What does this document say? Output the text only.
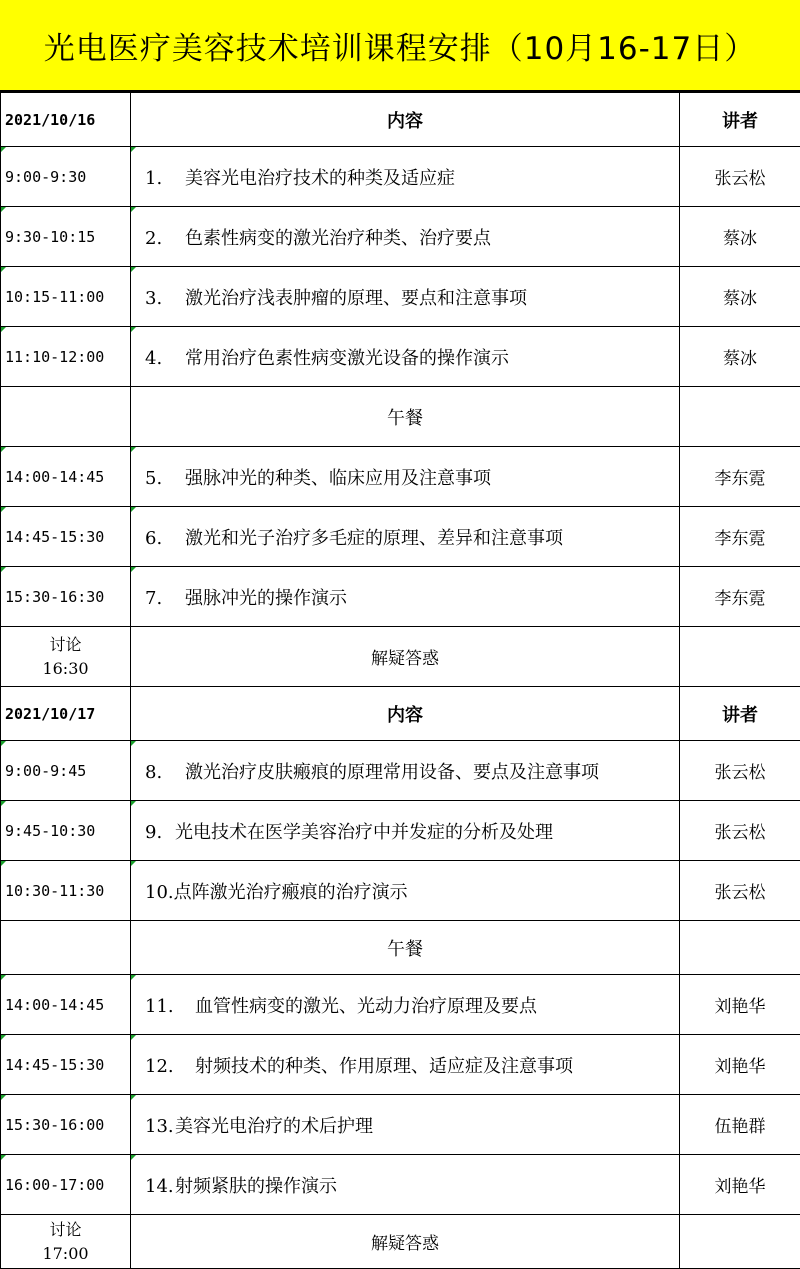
光电医疗美容技术培训课程安排（10月16-17日）
2021/10/16	内容	讲者
9:00-9:30	1. 美容光电治疗技术的种类及适应症	张云松
9:30-10:15	2. 色素性病变的激光治疗种类、治疗要点	蔡冰
10:15-11:00	3. 激光治疗浅表肿瘤的原理、要点和注意事项	蔡冰
11:10-12:00	4. 常用治疗色素性病变激光设备的操作演示	蔡冰
	午餐	
14:00-14:45	5. 强脉冲光的种类、临床应用及注意事项	李东霓
14:45-15:30	6. 激光和光子治疗多毛症的原理、差异和注意事项	李东霓
15:30-16:30	7. 强脉冲光的操作演示	李东霓

讨论
16:30	解疑答惑	
2021/10/17	内容	讲者
9:00-9:45	8. 激光治疗皮肤瘢痕的原理常用设备、要点及注意事项	张云松
9:45-10:30	9. 光电技术在医学美容治疗中并发症的分析及处理	张云松
10:30-11:30	10.点阵激光治疗瘢痕的治疗演示	张云松
	午餐	
14:00-14:45	11. 血管性病变的激光、光动力治疗原理及要点	刘艳华
14:45-15:30	12. 射频技术的种类、作用原理、适应症及注意事项	刘艳华
15:30-16:00	13.美容光电治疗的术后护理	伍艳群
16:00-17:00	14.射频紧肤的操作演示	刘艳华

讨论
17:00	解疑答惑	
